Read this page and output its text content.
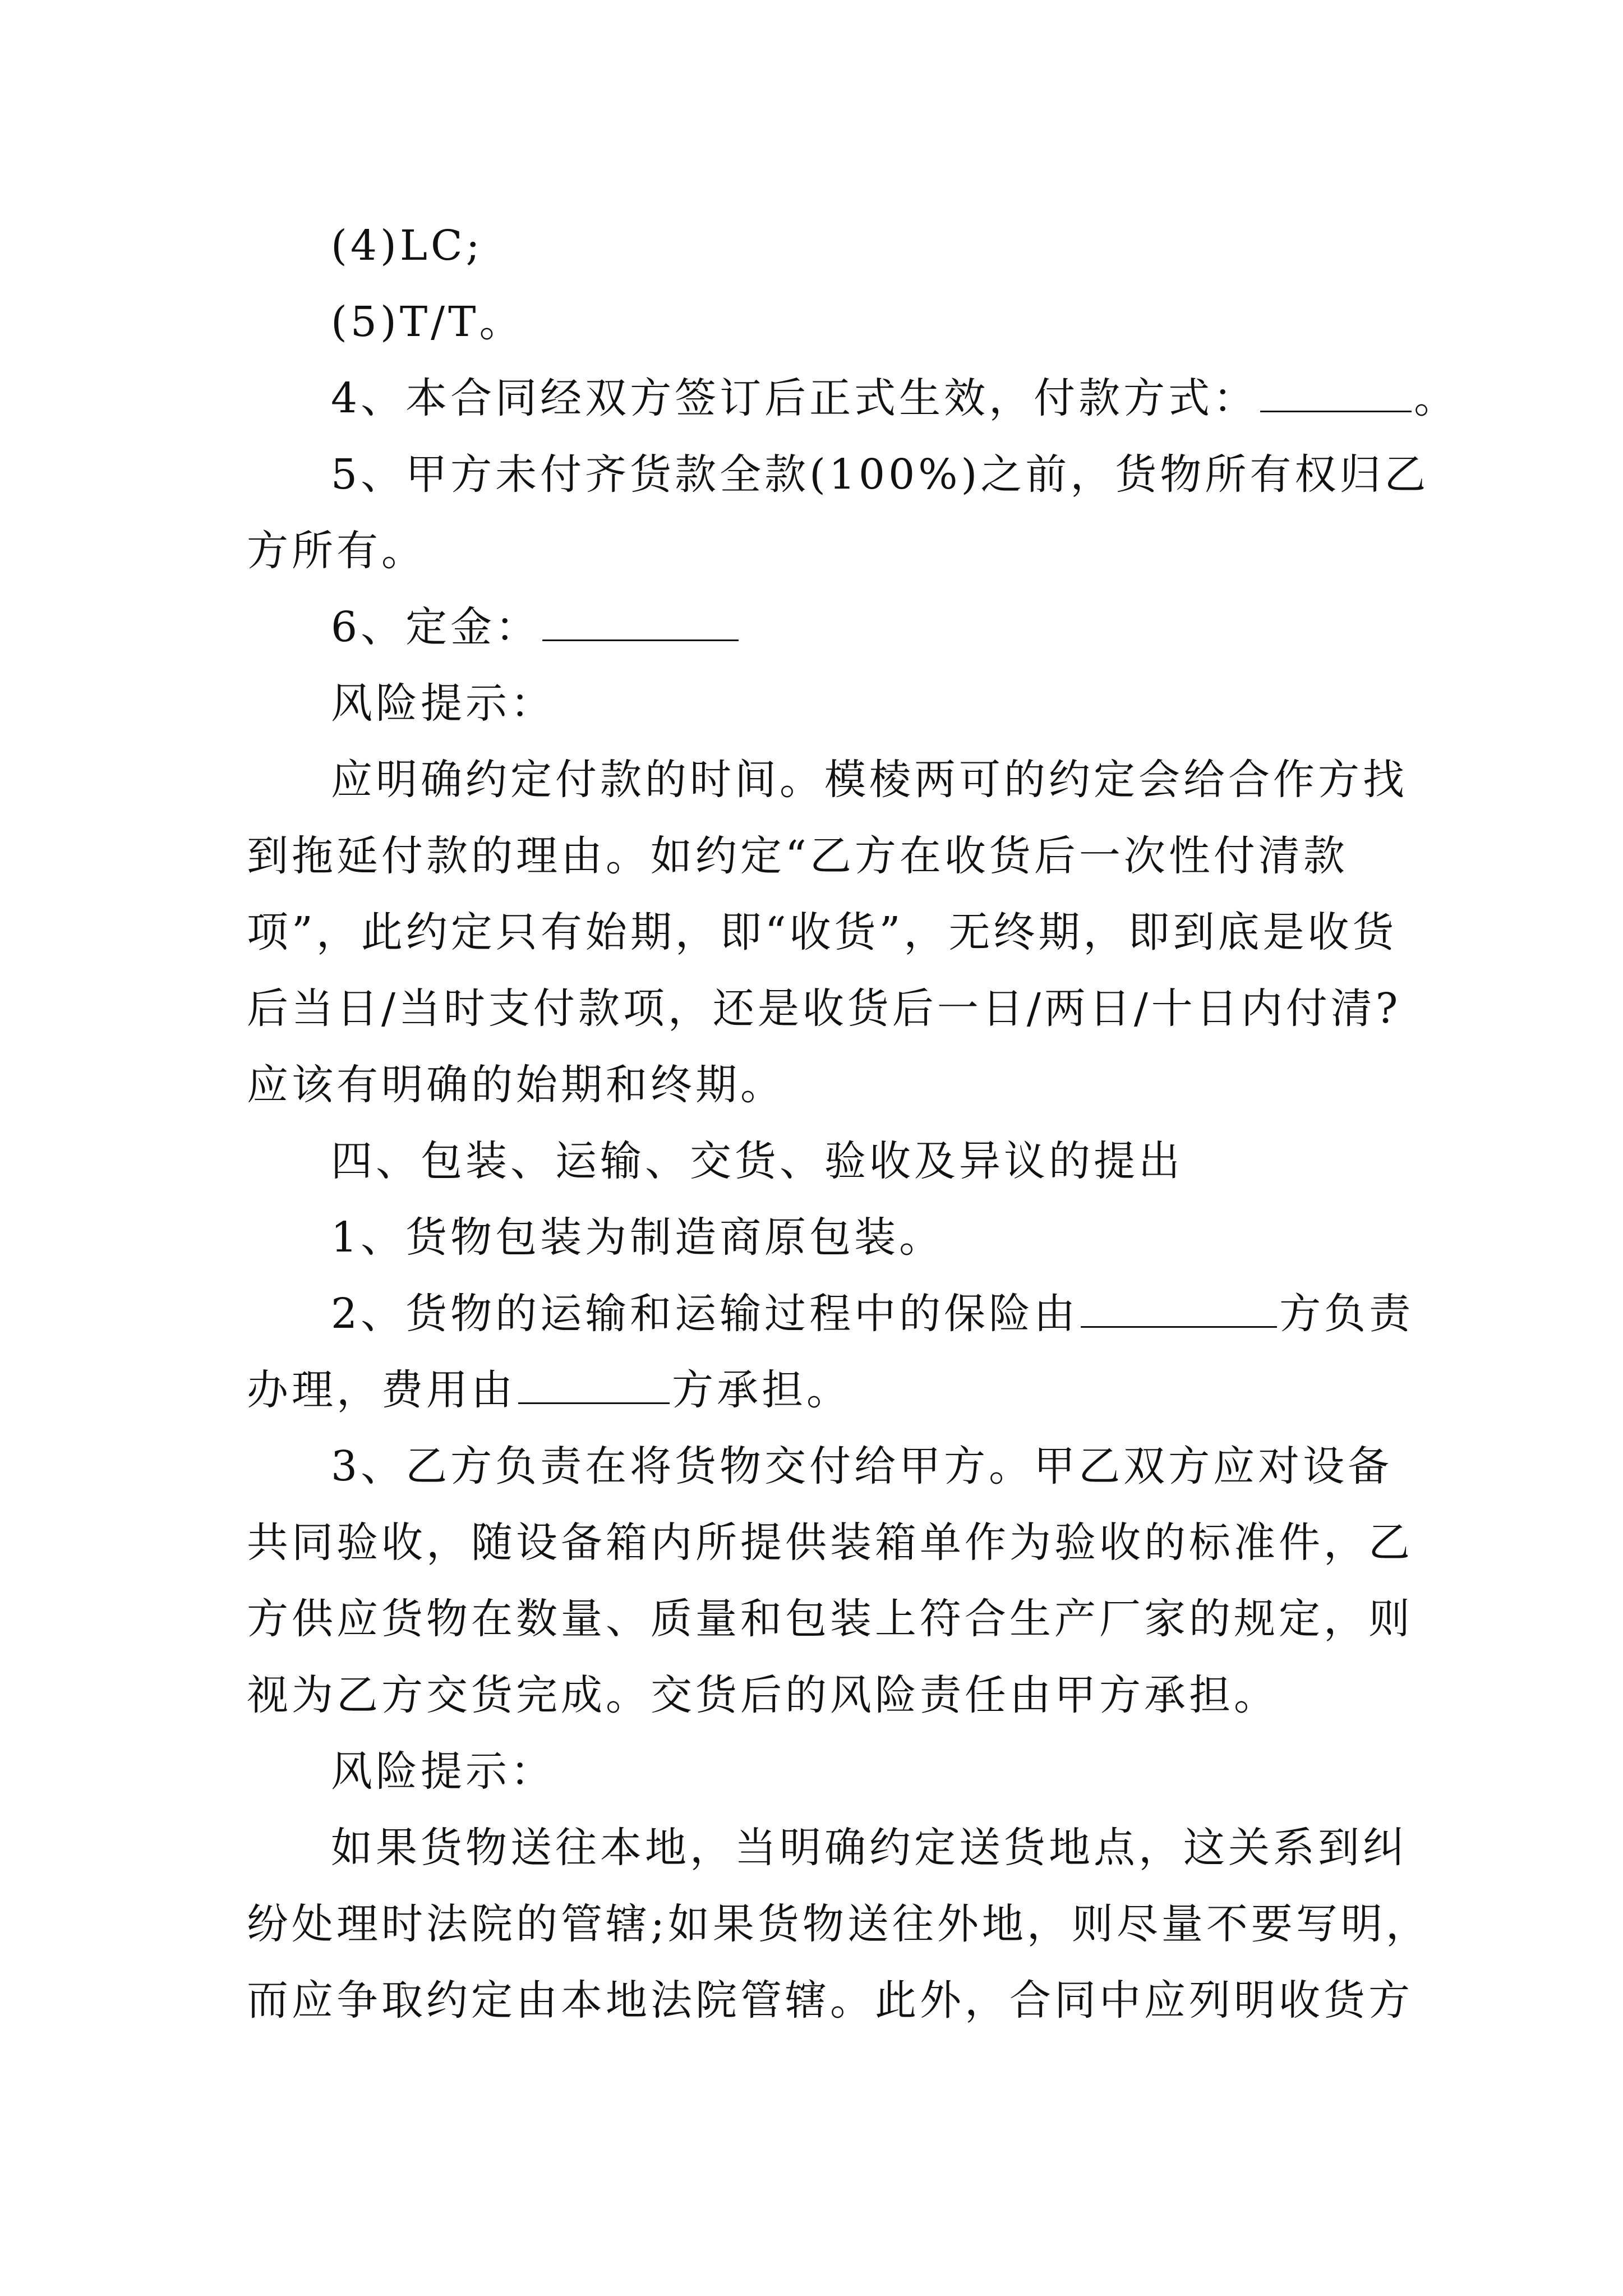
(4)LC;
(5)T/T。
4、本合同经双方签订后正式生效，付款方式：	。
5、甲方未付齐货款全款(100%)之前，货物所有权归乙
方所有。
6、定金：
风险提示：
应明确约定付款的时间。模棱两可的约定会给合作方找
到拖延付款的理由。如约定“乙方在收货后一次性付清款
项”，此约定只有始期，即“收货”，无终期，即到底是收货
后当日/当时支付款项，还是收货后一日/两日/十日内付清?
应该有明确的始期和终期。
四、包装、运输、交货、验收及异议的提出
1、货物包装为制造商原包装。
2、货物的运输和运输过程中的保险由	方负责
办理，费用由	方承担。
3、乙方负责在将货物交付给甲方。甲乙双方应对设备
共同验收，随设备箱内所提供装箱单作为验收的标准件，乙
方供应货物在数量、质量和包装上符合生产厂家的规定，则
视为乙方交货完成。交货后的风险责任由甲方承担。
风险提示：
如果货物送往本地，当明确约定送货地点，这关系到纠
纷处理时法院的管辖;如果货物送往外地，则尽量不要写明，
而应争取约定由本地法院管辖。此外，合同中应列明收货方
